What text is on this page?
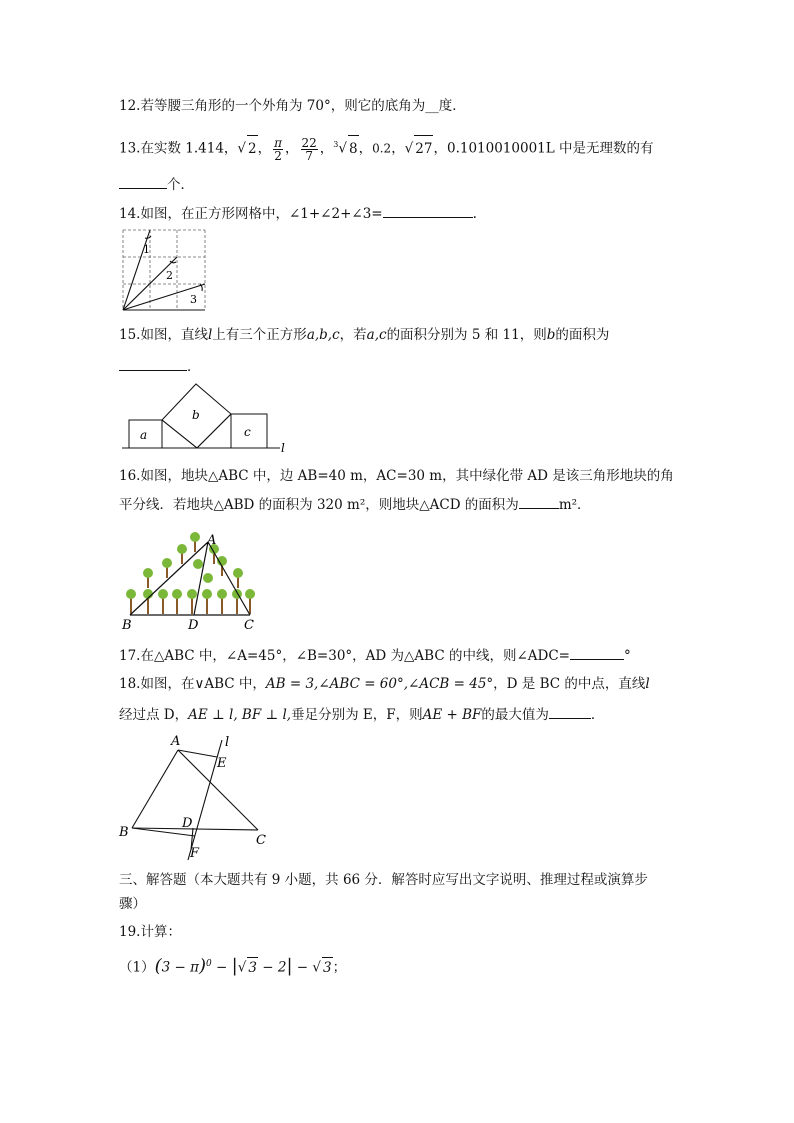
12.若等腰三角形的一个外角为 70°，则它的底角为__度．
13.在实数 1.414，√ 2， $\frac{\pi}{2}$ ， $\frac{22}{7}$ ，$^3$√ 8，0.2，√ 27，0.1010010001L 中是无理数的有
个．
14.如图，在正方形网格中，∠1+∠2+∠3=	.
1
2
3
15.如图，直线l上有三个正方形a,b,c，若a,c的面积分别为 5 和 11，则b的面积为
．
a
b
c
l
16.如图，地块△ABC 中，边 AB=40 m，AC=30 m，其中绿化带 AD 是该三角形地块的角
平分线．若地块△ABD 的面积为 320 m²，则地块△ACD 的面积为	m²．
A
B	D	C
17.在△ABC 中，∠A=45°，∠B=30°，AD 为△ABC 的中线，则∠ADC=	°
18.如图，在∨ABC 中，AB = 3,∠ABC = 60°,∠ACB = 45°，D 是 BC 的中点，直线l
经过点 D，AE ⊥ l, BF ⊥ l,垂足分别为 E，F，则AE + BF的最大值为	．
A	l
E
B
D
C
F
三、解答题（本大题共有 9 小题，共 66 分．解答时应写出文字说明、推理过程或演算步
骤）
19.计算：
$(1)(3 - \pi)^0$ − |√ 3 − 2| − √ 3；
